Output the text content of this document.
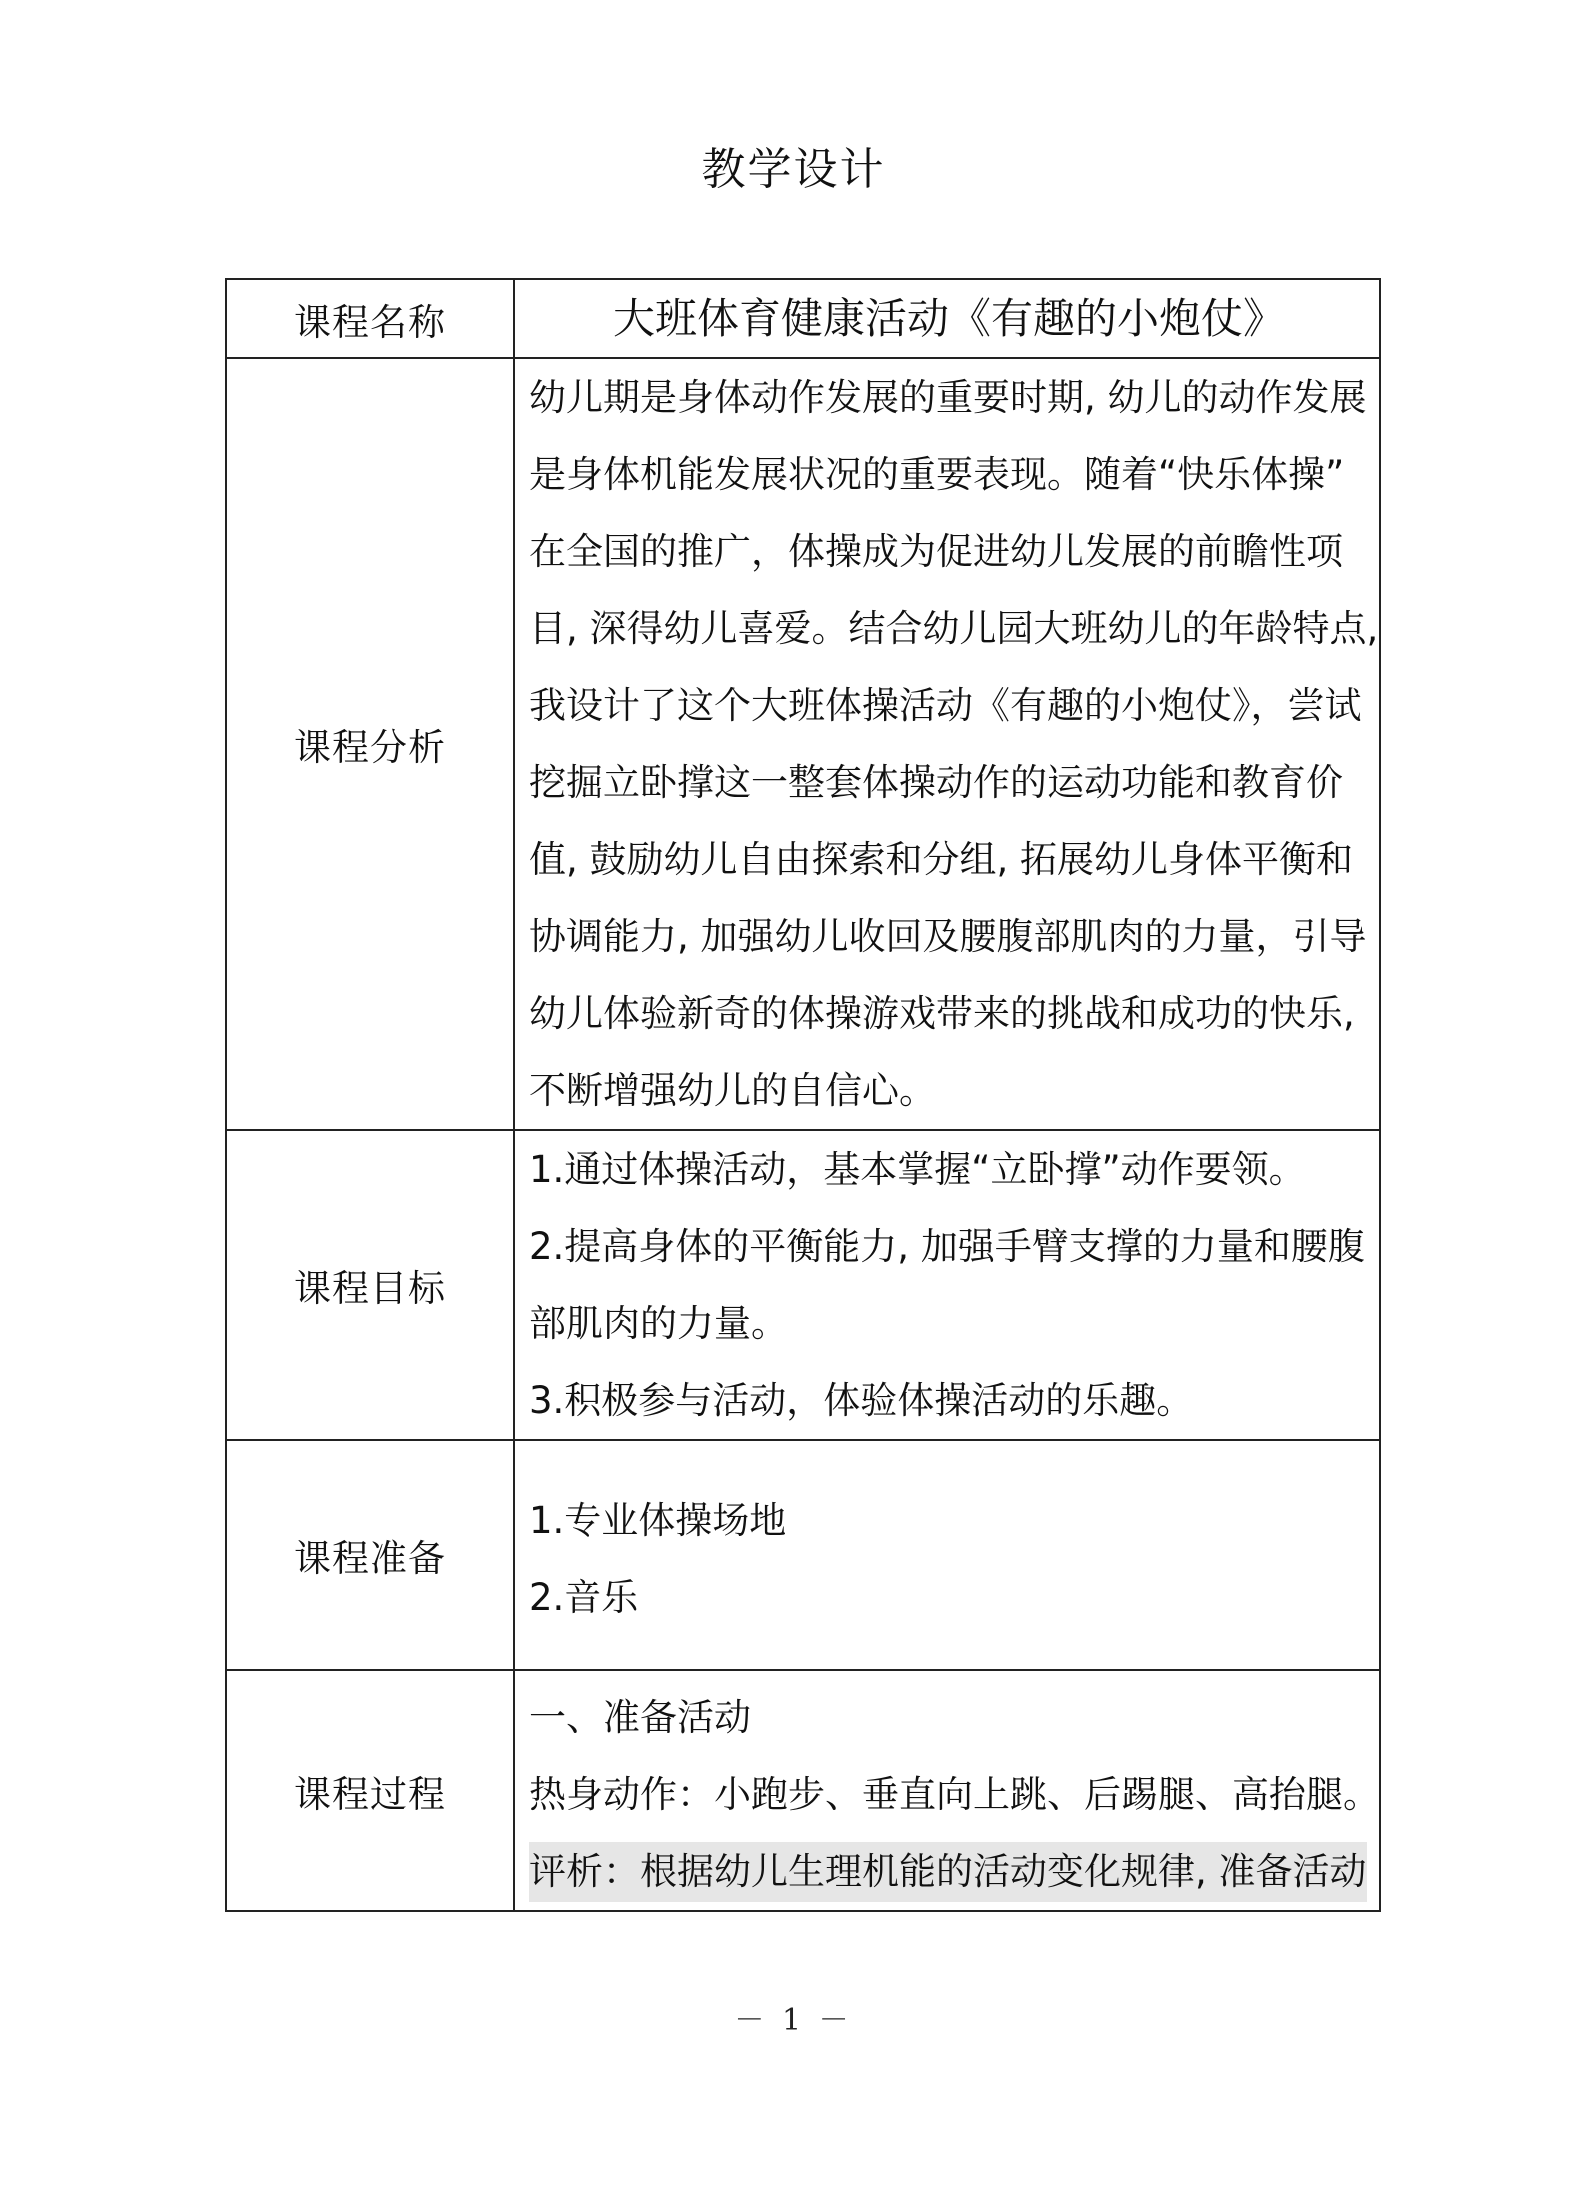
教学设计
课程名称	大班体育健康活动《有趣的小炮仗》
课程分析	
幼儿期是身体动作发展的重要时期, 幼儿的动作发展
是身体机能发展状况的重要表现。随着“快乐体操”
在全国的推广，体操成为促进幼儿发展的前瞻性项
目, 深得幼儿喜爱。结合幼儿园大班幼儿的年龄特点,
我设计了这个大班体操活动《有趣的小炮仗》，尝试
挖掘立卧撑这一整套体操动作的运动功能和教育价
值, 鼓励幼儿自由探索和分组, 拓展幼儿身体平衡和
协调能力, 加强幼儿收回及腰腹部肌肉的力量，引导
幼儿体验新奇的体操游戏带来的挑战和成功的快乐,
不断增强幼儿的自信心。

课程目标	1.通过体操活动，基本掌握“立卧撑”动作要领。
2.提高身体的平衡能力, 加强手臂支撑的力量和腰腹
部肌肉的力量。
3.积极参与活动，体验体操活动的乐趣。

课程准备	1.专业体操场地
2.音乐

课程过程	一、准备活动
热身动作：小跑步、垂直向上跳、后踢腿、高抬腿。
评析：根据幼儿生理机能的活动变化规律, 准备活动
－ 1 －
